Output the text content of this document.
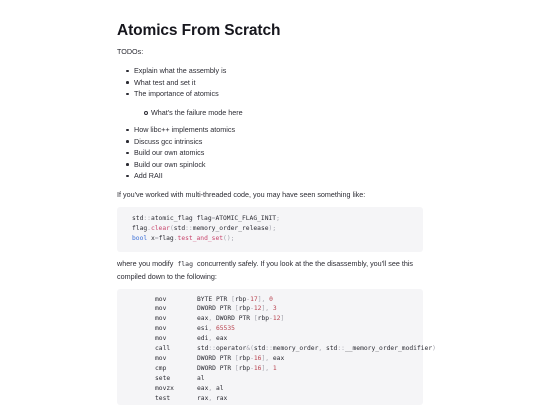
Atomics From Scratch

TODOs:

Explain what the assembly is
What test and set it
The importance of atomics
What's the failure mode here
How libc++ implements atomics
Discuss gcc intrinsics
Build our own atomics
Build our own spinlock
Add RAII

If you've worked with multi-threaded code, you may have seen something like:

std::atomic_flag flag=ATOMIC_FLAG_INIT;
flag.clear(std::memory_order_release);
bool x=flag.test_and_set();

where you modify flag concurrently safely. If you look at the the disassembly, you'll see this

compiled down to the following:

mov	BYTE PTR [rbp-17], 0
mov	DWORD PTR [rbp-12], 3
mov	eax, DWORD PTR [rbp-12]
mov	esi, 65535
mov	edi, eax
call	std::operator&(std::memory_order, std::__memory_order_modifier)
mov	DWORD PTR [rbp-16], eax
cmp	DWORD PTR [rbp-16], 1
sete	al
movzx	eax, al
test	rax, rax
